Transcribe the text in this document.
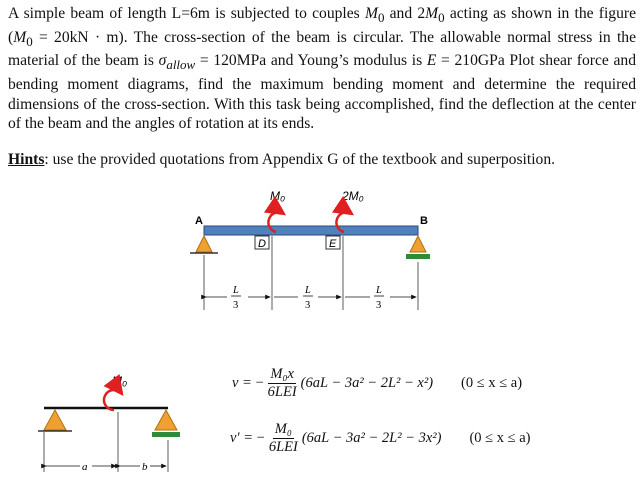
A simple beam of length L=6m is subjected to couples $M_0$ and $2M_0$ acting as shown in the figure $(M_0 = 20kN \cdot m)$. The cross-section of the beam is circular. The allowable normal stress in the material of the beam is $\sigma_{allow} = 120MPa$ and Young’s modulus is E = 210GPa Plot shear force and bending moment diagrams, find the maximum bending moment and determine the required dimensions of the cross-section. With this task being accomplished, find the deflection at the center of the beam and the angles of rotation at its ends.

Hints: use the provided quotations from Appendix G of the textbook and superposition.

M₀	2M₀
A	B
D	E
L
3
L
3
L
3
M₀
a	b
v =
− $\frac{\text{M₀x}}{\text{6LEI}} (6aL - 3a^2 - 2L^2 - x^2) (0 \le x \le a)$
v′ =
− $\frac{\text{M₀}}{\text{6LEI}} (6aL - 3a^2 - 2L^2 - 3x^2) (0 \le x \le a)$
